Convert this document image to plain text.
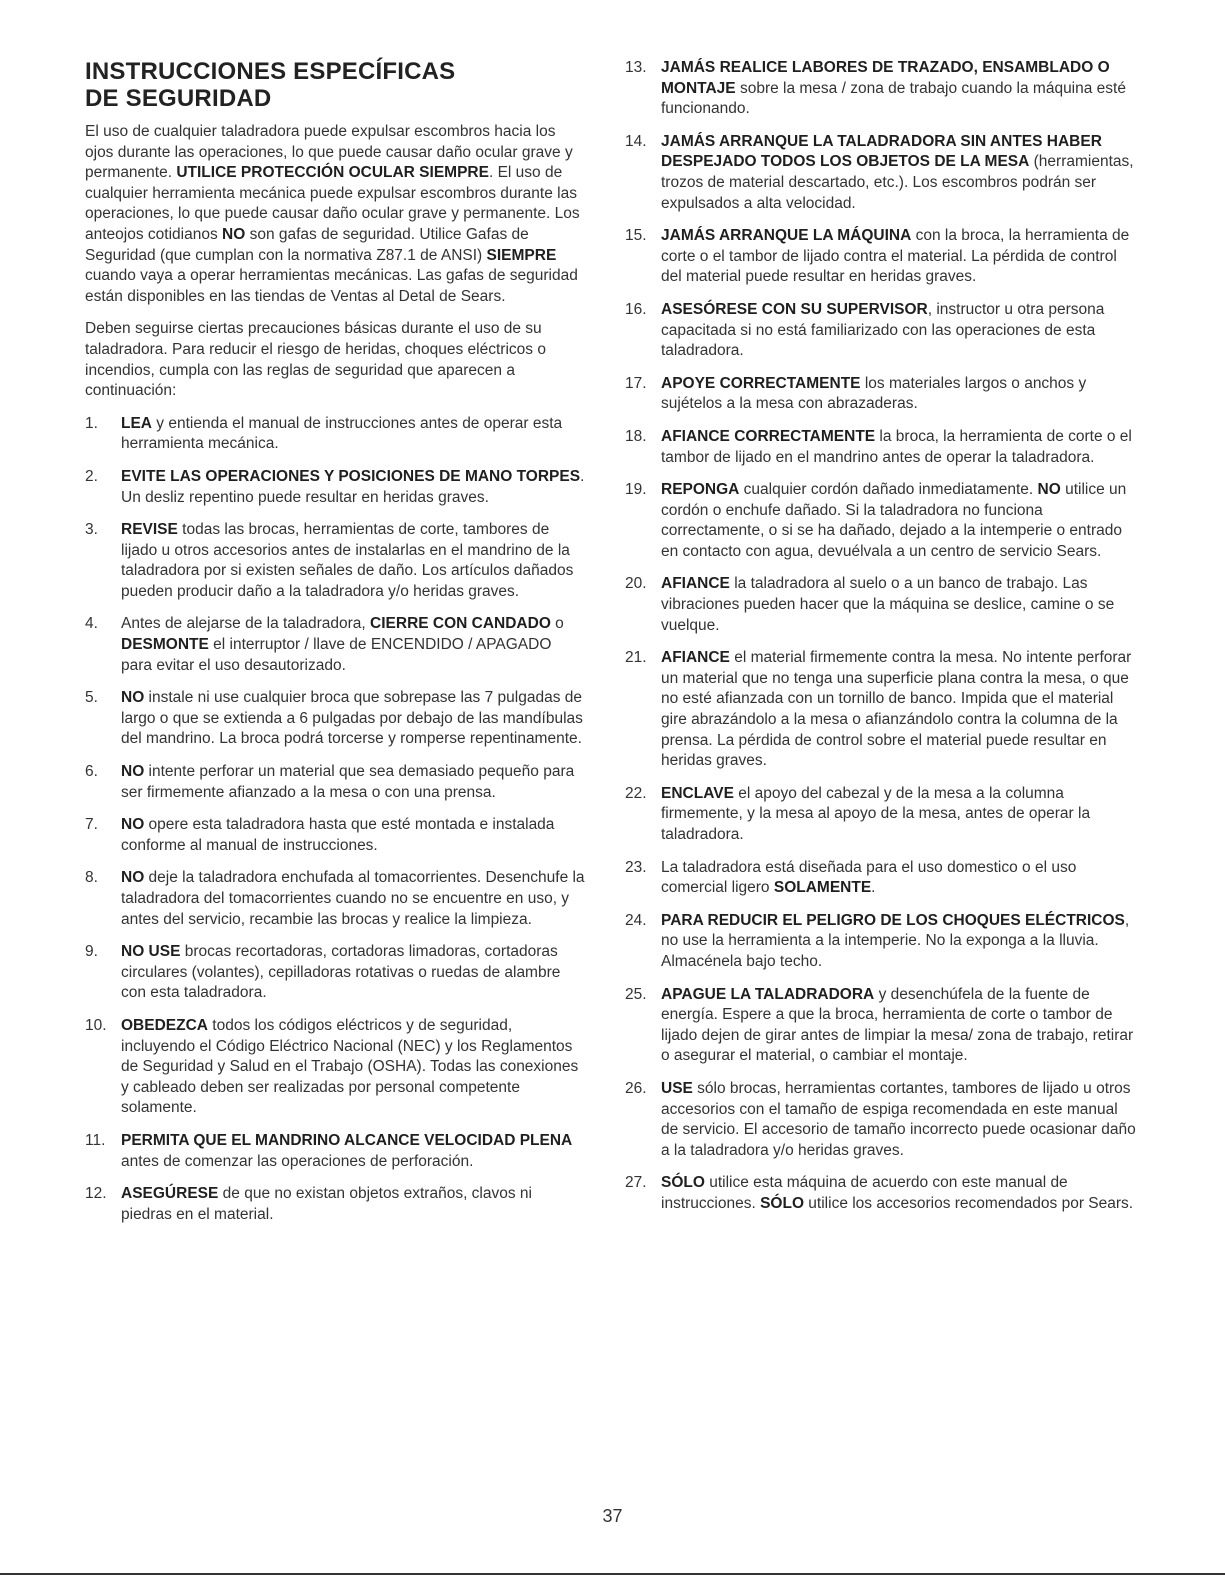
INSTRUCCIONES ESPECÍFICAS
DE SEGURIDAD

El uso de cualquier taladradora puede expulsar escombros hacia los ojos durante las operaciones, lo que puede causar daño ocular grave y permanente. UTILICE PROTECCIÓN OCULAR SIEMPRE. El uso de cualquier herramienta mecánica puede expulsar escombros durante las operaciones, lo que puede causar daño ocular grave y permanente. Los anteojos cotidianos NO son gafas de seguridad. Utilice Gafas de Seguridad (que cumplan con la normativa Z87.1 de ANSI) SIEMPRE cuando vaya a operar herramientas mecánicas. Las gafas de seguridad están disponibles en las tiendas de Ventas al Detal de Sears.

Deben seguirse ciertas precauciones básicas durante el uso de su taladradora. Para reducir el riesgo de heridas, choques eléctricos o incendios, cumpla con las reglas de seguridad que aparecen a continuación:

1.	LEA y entienda el manual de instrucciones antes de operar esta herramienta mecánica.
2.	EVITE LAS OPERACIONES Y POSICIONES DE MANO TORPES. Un desliz repentino puede resultar en heridas graves.
3.	REVISE todas las brocas, herramientas de corte, tambores de lijado u otros accesorios antes de instalarlas en el mandrino de la taladradora por si existen señales de daño. Los artículos dañados pueden producir daño a la taladradora y/o heridas graves.
4.	Antes de alejarse de la taladradora, CIERRE CON CANDADO o DESMONTE el interruptor / llave de ENCENDIDO / APAGADO para evitar el uso desautorizado.
5.	NO instale ni use cualquier broca que sobrepase las 7 pulgadas de largo o que se extienda a 6 pulgadas por debajo de las mandíbulas del mandrino. La broca podrá torcerse y romperse repentinamente.
6.	NO intente perforar un material que sea demasiado pequeño para ser firmemente afianzado a la mesa o con una prensa.
7.	NO opere esta taladradora hasta que esté montada e instalada conforme al manual de instrucciones.
8.	NO deje la taladradora enchufada al tomacorrientes. Desenchufe la taladradora del tomacorrientes cuando no se encuentre en uso, y antes del servicio, recambie las brocas y realice la limpieza.
9.	NO USE brocas recortadoras, cortadoras limadoras, cortadoras circulares (volantes), cepilladoras rotativas o ruedas de alambre con esta taladradora.
10. OBEDEZCA todos los códigos eléctricos y de seguridad, incluyendo el Código Eléctrico Nacional (NEC) y los Reglamentos de Seguridad y Salud en el Trabajo (OSHA). Todas las conexiones y cableado deben ser realizadas por personal competente solamente.
11.	PERMITA QUE EL MANDRINO ALCANCE VELOCIDAD PLENA antes de comenzar las operaciones de perforación.
12. ASEGÚRESE de que no existan objetos extraños, clavos ni piedras en el material.
13. JAMÁS REALICE LABORES DE TRAZADO, ENSAMBLADO O MONTAJE sobre la mesa / zona de trabajo cuando la máquina esté funcionando.
14. JAMÁS ARRANQUE LA TALADRADORA SIN ANTES HABER DESPEJADO TODOS LOS OBJETOS DE LA MESA (herramientas, trozos de material descartado, etc.). Los escombros podrán ser expulsados a alta velocidad.
15. JAMÁS ARRANQUE LA MÁQUINA con la broca, la herramienta de corte o el tambor de lijado contra el material. La pérdida de control del material puede resultar en heridas graves.
16. ASESÓRESE CON SU SUPERVISOR, instructor u otra persona capacitada si no está familiarizado con las operaciones de esta taladradora.
17. APOYE CORRECTAMENTE los materiales largos o anchos y sujételos a la mesa con abrazaderas.
18. AFIANCE CORRECTAMENTE la broca, la herramienta de corte o el tambor de lijado en el mandrino antes de operar la taladradora.
19. REPONGA cualquier cordón dañado inmediatamente. NO utilice un cordón o enchufe dañado. Si la taladradora no funciona correctamente, o si se ha dañado, dejado a la intemperie o entrado en contacto con agua, devuélvala a un centro de servicio Sears.
20. AFIANCE la taladradora al suelo o a un banco de trabajo. Las vibraciones pueden hacer que la máquina se deslice, camine o se vuelque.
21. AFIANCE el material firmemente contra la mesa. No intente perforar un material que no tenga una superficie plana contra la mesa, o que no esté afianzada con un tornillo de banco. Impida que el material gire abrazándolo a la mesa o afianzándolo contra la columna de la prensa. La pérdida de control sobre el material puede resultar en heridas graves.
22. ENCLAVE el apoyo del cabezal y de la mesa a la columna firmemente, y la mesa al apoyo de la mesa, antes de operar la taladradora.
23. La taladradora está diseñada para el uso domestico o el uso comercial ligero SOLAMENTE.
24. PARA REDUCIR EL PELIGRO DE LOS CHOQUES ELÉCTRICOS, no use la herramienta a la intemperie. No la exponga a la lluvia. Almacénela bajo techo.
25. APAGUE LA TALADRADORA y desenchúfela de la fuente de energía. Espere a que la broca, herramienta de corte o tambor de lijado dejen de girar antes de limpiar la mesa/ zona de trabajo, retirar o asegurar el material, o cambiar el montaje.
26. USE sólo brocas, herramientas cortantes, tambores de lijado u otros accesorios con el tamaño de espiga recomendada en este manual de servicio. El accesorio de tamaño incorrecto puede ocasionar daño a la taladradora y/o heridas graves.
27. SÓLO utilice esta máquina de acuerdo con este manual de instrucciones. SÓLO utilice los accesorios recomendados por Sears.
37
